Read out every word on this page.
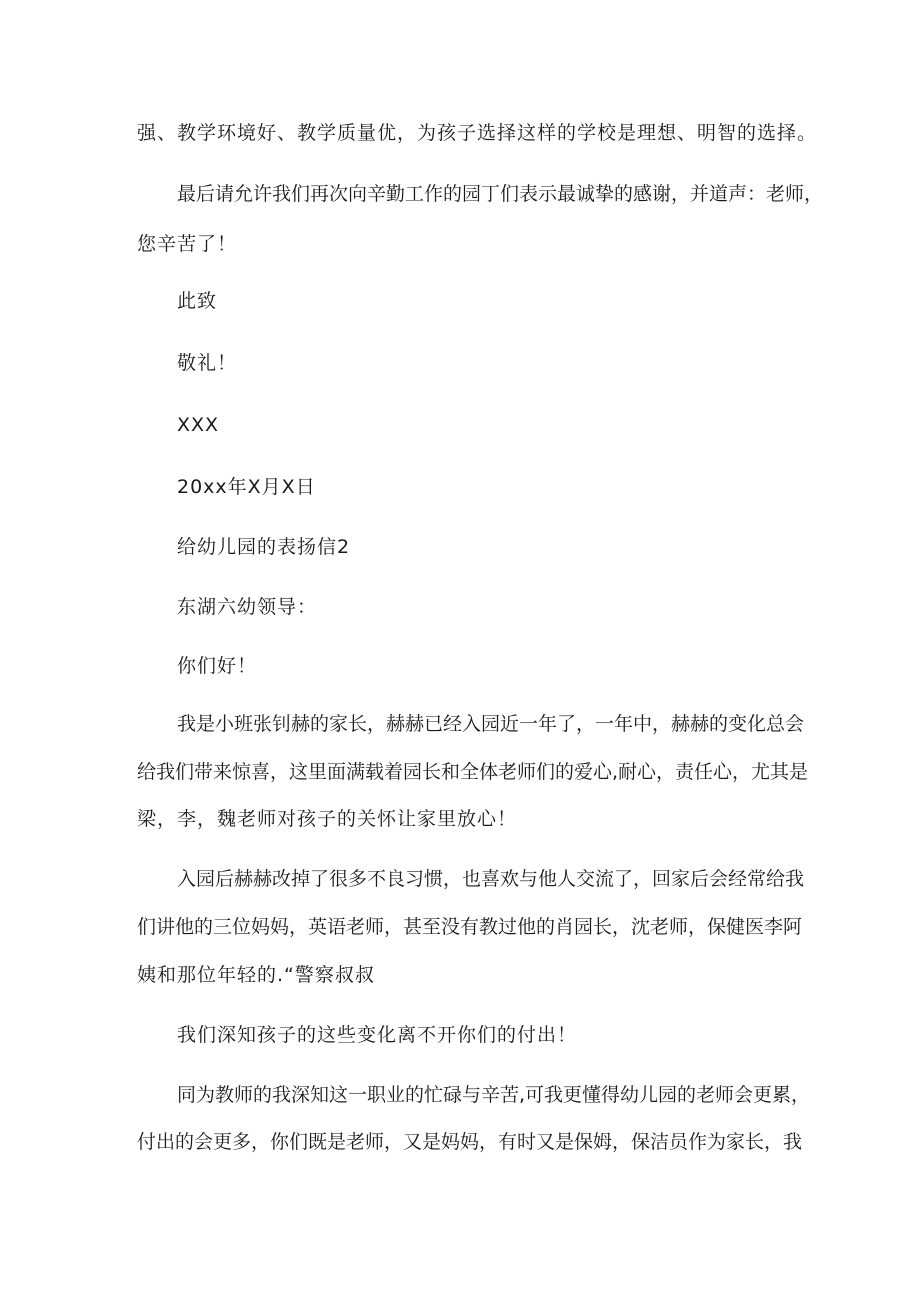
强、教学环境好、教学质量优，为孩子选择这样的学校是理想、明智的选择。
最后请允许我们再次向辛勤工作的园丁们表示最诚挚的感谢，并道声：老师，
您辛苦了！
此致
敬礼！
XXX
20xx年X月X日
给幼儿园的表扬信2
东湖六幼领导：
你们好！
我是小班张钊赫的家长，赫赫已经入园近一年了，一年中，赫赫的变化总会
给我们带来惊喜，这里面满载着园长和全体老师们的爱心,耐心，责任心，尤其是
梁，李，魏老师对孩子的关怀让家里放心！
入园后赫赫改掉了很多不良习惯，也喜欢与他人交流了，回家后会经常给我
们讲他的三位妈妈，英语老师，甚至没有教过他的肖园长，沈老师，保健医李阿
姨和那位年轻的.“警察叔叔
我们深知孩子的这些变化离不开你们的付出！
同为教师的我深知这一职业的忙碌与辛苦,可我更懂得幼儿园的老师会更累，
付出的会更多，你们既是老师，又是妈妈，有时又是保姆，保洁员作为家长，我
